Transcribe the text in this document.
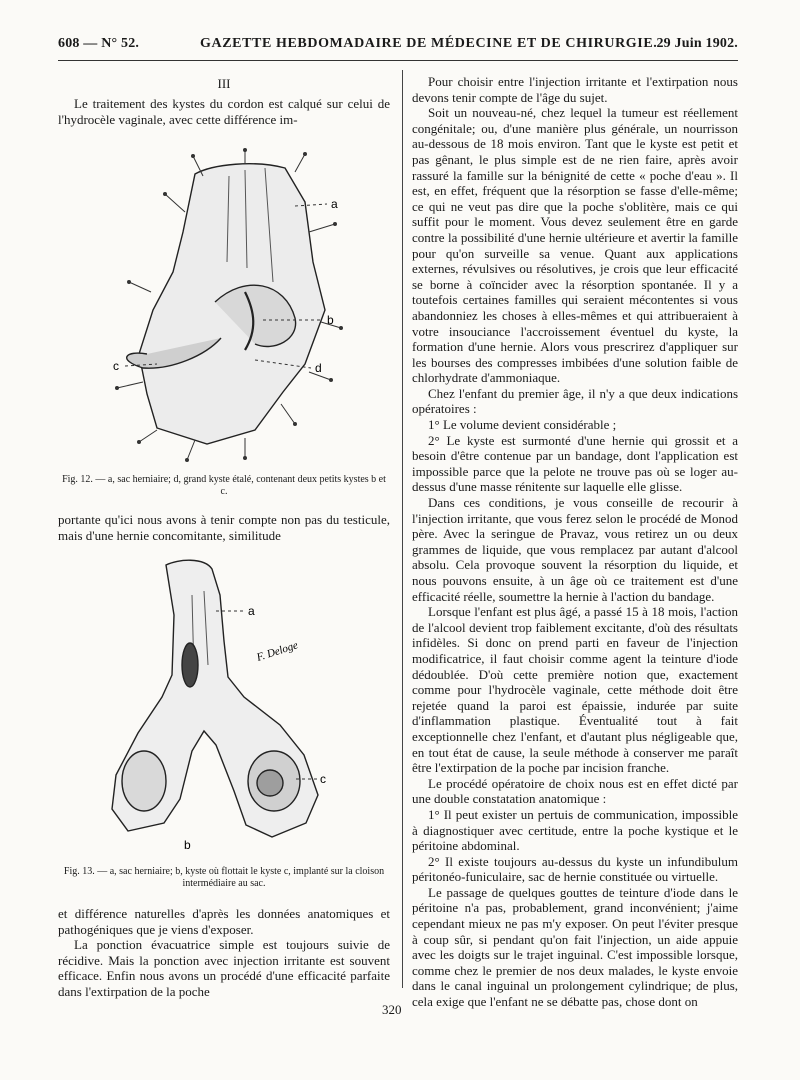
608 — N° 52.	GAZETTE HEBDOMADAIRE DE MÉDECINE ET DE CHIRURGIE. 29 Juin 1902.

III

Le traitement des kystes du cordon est calqué sur celui de l'hydrocèle vaginale, avec cette différence im-

portante qu'ici nous avons à tenir compte non pas du testicule, mais d'une hernie concomitante, similitude

et différence naturelles d'après les données anatomiques et pathogéniques que je viens d'exposer.

La ponction évacuatrice simple est toujours suivie de récidive. Mais la ponction avec injection irritante est souvent efficace. Enfin nous avons un procédé d'une efficacité parfaite dans l'extirpation de la poche

a
b
c	d

Fig. 12. — a, sac herniaire; d, grand kyste étalé, contenant deux petits kystes b et c.

a
b
c
F. Deloge

Fig. 13. — a, sac herniaire; b, kyste où flottait le kyste c, implanté sur la cloison intermédiaire au sac.

Pour choisir entre l'injection irritante et l'extirpation nous devons tenir compte de l'âge du sujet.

Soit un nouveau-né, chez lequel la tumeur est réellement congénitale; ou, d'une manière plus générale, un nourrisson au-dessous de 18 mois environ. Tant que le kyste est petit et pas gênant, le plus simple est de ne rien faire, après avoir rassuré la famille sur la bénignité de cette « poche d'eau ». Il est, en effet, fréquent que la résorption se fasse d'elle-même; ce qui ne veut pas dire que la poche s'oblitère, mais ce qui suffit pour le moment. Vous devez seulement être en garde contre la possibilité d'une hernie ultérieure et avertir la famille pour qu'on surveille sa venue. Quant aux applications externes, révulsives ou résolutives, je crois que leur efficacité se borne à coïncider avec la résorption spontanée. Il y a toutefois certaines familles qui seraient mécontentes si vous abandonniez les choses à elles-mêmes et qui attribueraient à votre insouciance l'accroissement éventuel du kyste, la formation d'une hernie. Alors vous prescrirez d'appliquer sur les bourses des compresses imbibées d'une solution faible de chlorhydrate d'ammoniaque.

Chez l'enfant du premier âge, il n'y a que deux indications opératoires :

1° Le volume devient considérable ;

2° Le kyste est surmonté d'une hernie qui grossit et a besoin d'être contenue par un bandage, dont l'application est impossible parce que la pelote ne trouve pas où se loger au-dessus d'une masse rénitente sur laquelle elle glisse.

Dans ces conditions, je vous conseille de recourir à l'injection irritante, que vous ferez selon le procédé de Monod père. Avec la seringue de Pravaz, vous retirez un ou deux grammes de liquide, que vous remplacez par autant d'alcool absolu. Cela provoque souvent la résorption du liquide, et nous pouvons ensuite, à un âge où ce traitement est d'une efficacité réelle, soumettre la hernie à l'action du bandage.

Lorsque l'enfant est plus âgé, a passé 15 à 18 mois, l'action de l'alcool devient trop faiblement excitante, d'où des résultats infidèles. Si donc on prend parti en faveur de l'injection modificatrice, il faut choisir comme agent la teinture d'iode dédoublée. D'où cette première notion que, exactement comme pour l'hydrocèle vaginale, cette méthode doit être rejetée quand la paroi est épaissie, indurée par suite d'inflammation plastique. Éventualité tout à fait exceptionnelle chez l'enfant, et d'autant plus négligeable que, en tout état de cause, la seule méthode à conserver me paraît être l'extirpation de la poche par incision franche.

Le procédé opératoire de choix nous est en effet dicté par une double constatation anatomique :

1° Il peut exister un pertuis de communication, impossible à diagnostiquer avec certitude, entre la poche kystique et le péritoine abdominal.

2° Il existe toujours au-dessus du kyste un infundibulum péritonéo-funiculaire, sac de hernie constituée ou virtuelle.

Le passage de quelques gouttes de teinture d'iode dans le péritoine n'a pas, probablement, grand inconvénient; j'aime cependant mieux ne pas m'y exposer. On peut l'éviter presque à coup sûr, si pendant qu'on fait l'injection, un aide appuie avec les doigts sur le trajet inguinal. C'est impossible lorsque, comme chez le premier de nos deux malades, le kyste envoie dans le canal inguinal un prolongement cylindrique; de plus, cela exige que l'enfant ne se débatte pas, chose dont on

320
